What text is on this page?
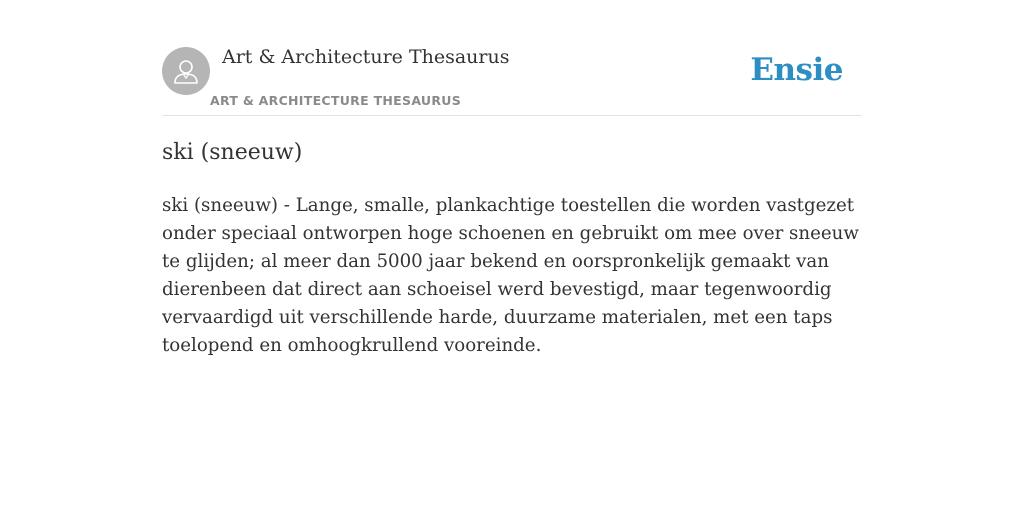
Art & Architecture Thesaurus
ART & ARCHITECTURE THESAURUS
Ensie
ski (sneeuw)

ski (sneeuw) - Lange, smalle, plankachtige toestellen die worden vastgezet onder speciaal ontworpen hoge schoenen en gebruikt om mee over sneeuw te glijden; al meer dan 5000 jaar bekend en oorspronkelijk gemaakt van dierenbeen dat direct aan schoeisel werd bevestigd, maar tegenwoordig vervaardigd uit verschillende harde, duurzame materialen, met een taps toelopend en omhoogkrullend vooreinde.
